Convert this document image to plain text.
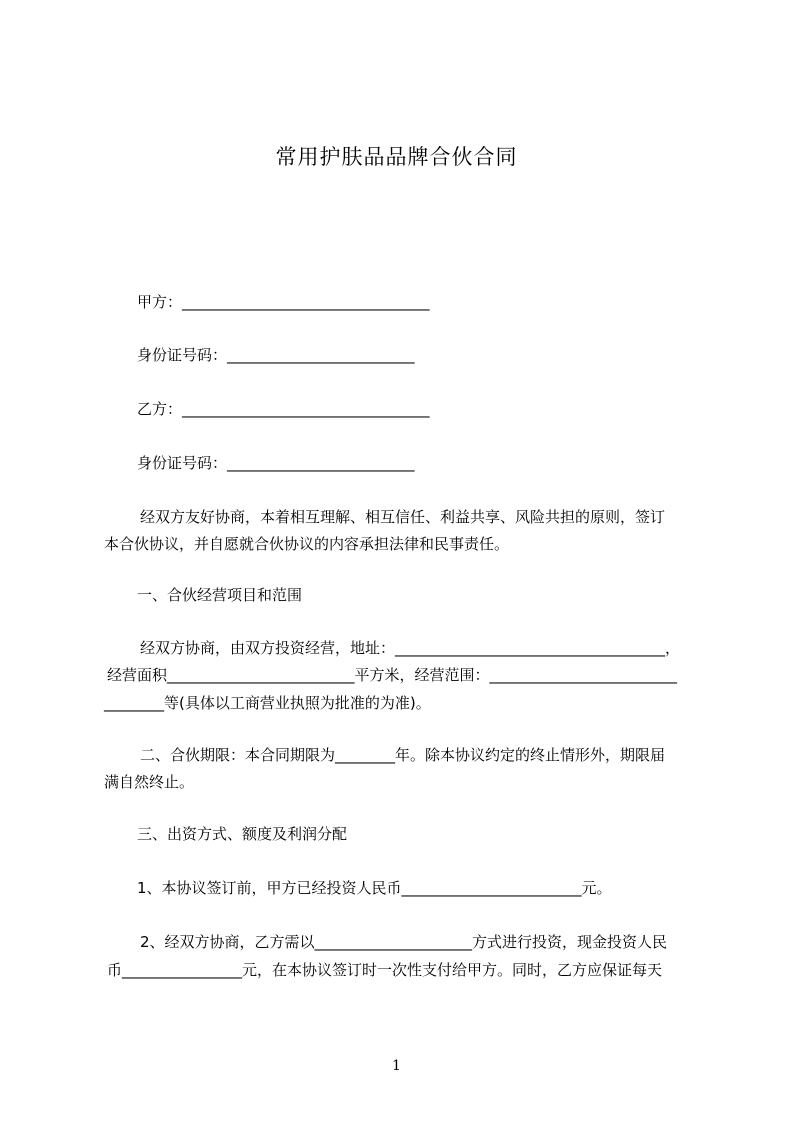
常用护肤品品牌合伙合同
甲方：_________________________________
身份证号码：_________________________
乙方：_________________________________
身份证号码：_________________________
经双方友好协商，本着相互理解、相互信任、利益共享、风险共担的原则，签订
本合伙协议，并自愿就合伙协议的内容承担法律和民事责任。
一、合伙经营项目和范围
经双方协商，由双方投资经营，地址：____________________________________，
经营面积_________________________平方米，经营范围：_________________________
________等(具体以工商营业执照为批准的为准)。
二、合伙期限：本合同期限为________年。除本协议约定的终止情形外，期限届
满自然终止。
三、出资方式、额度及利润分配
1、本协议签订前，甲方已经投资人民币________________________元。
2、经双方协商，乙方需以_____________________方式进行投资，现金投资人民
币________________元，在本协议签订时一次性支付给甲方。同时，乙方应保证每天
1
